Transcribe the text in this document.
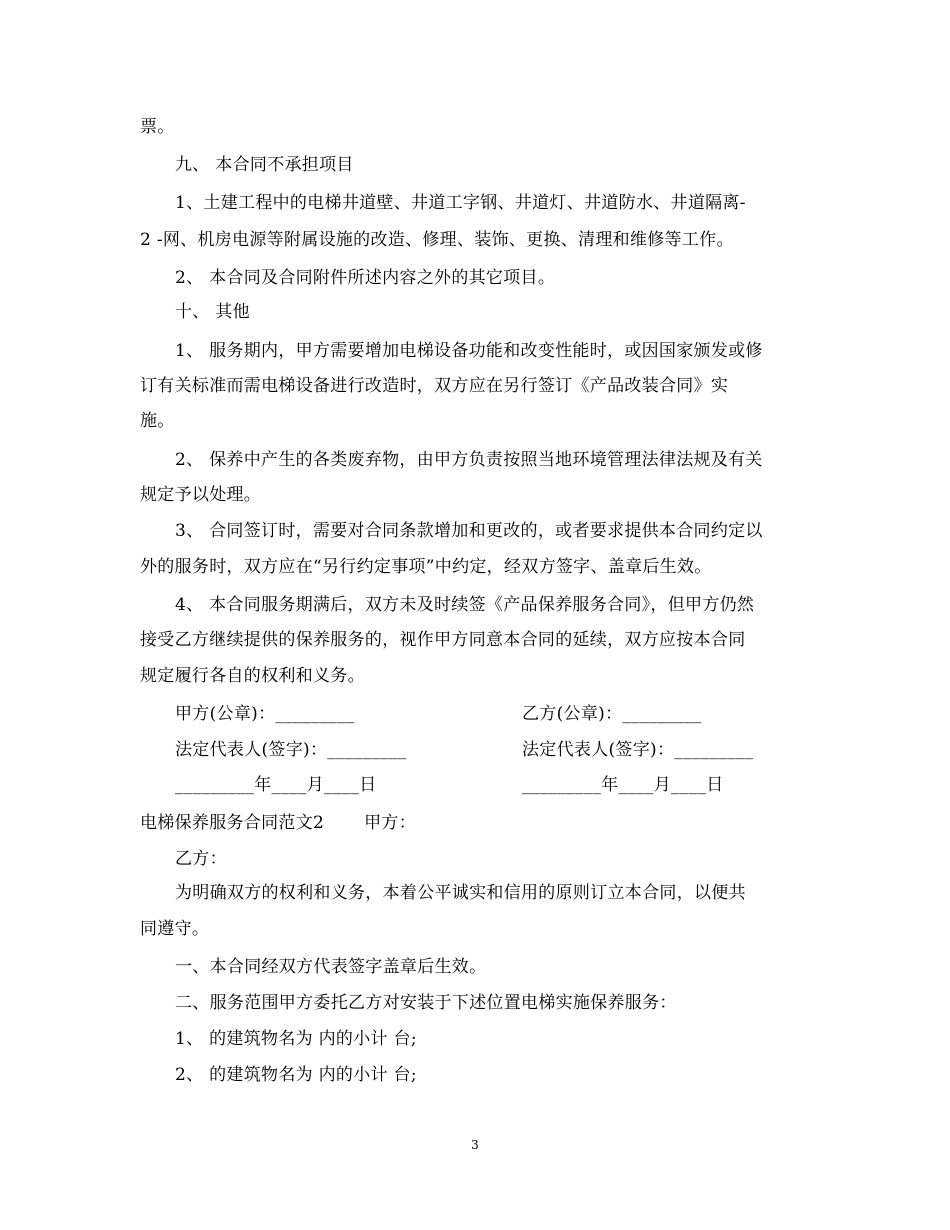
票。
九、 本合同不承担项目
1、土建工程中的电梯井道壁、井道工字钢、井道灯、井道防水、井道隔离-
2 -网、机房电源等附属设施的改造、修理、装饰、更换、清理和维修等工作。
2、 本合同及合同附件所述内容之外的其它项目。
十、 其他
1、 服务期内，甲方需要增加电梯设备功能和改变性能时，或因国家颁发或修
订有关标准而需电梯设备进行改造时，双方应在另行签订《产品改装合同》实
施。
2、 保养中产生的各类废弃物，由甲方负责按照当地环境管理法律法规及有关
规定予以处理。
3、 合同签订时，需要对合同条款增加和更改的，或者要求提供本合同约定以
外的服务时，双方应在“另行约定事项”中约定，经双方签字、盖章后生效。
4、 本合同服务期满后，双方未及时续签《产品保养服务合同》，但甲方仍然
接受乙方继续提供的保养服务的，视作甲方同意本合同的延续，双方应按本合同
规定履行各自的权利和义务。
甲方(公章)：_________	乙方(公章)：_________
法定代表人(签字)：_________	法定代表人(签字)：_________
_________年____月____日	_________年____月____日
电梯保养服务合同范文2 甲方：
乙方：
为明确双方的权利和义务，本着公平诚实和信用的原则订立本合同，以便共
同遵守。
一、本合同经双方代表签字盖章后生效。
二、服务范围甲方委托乙方对安装于下述位置电梯实施保养服务：
1、 的建筑物名为 内的小计 台;
2、 的建筑物名为 内的小计 台;
3
